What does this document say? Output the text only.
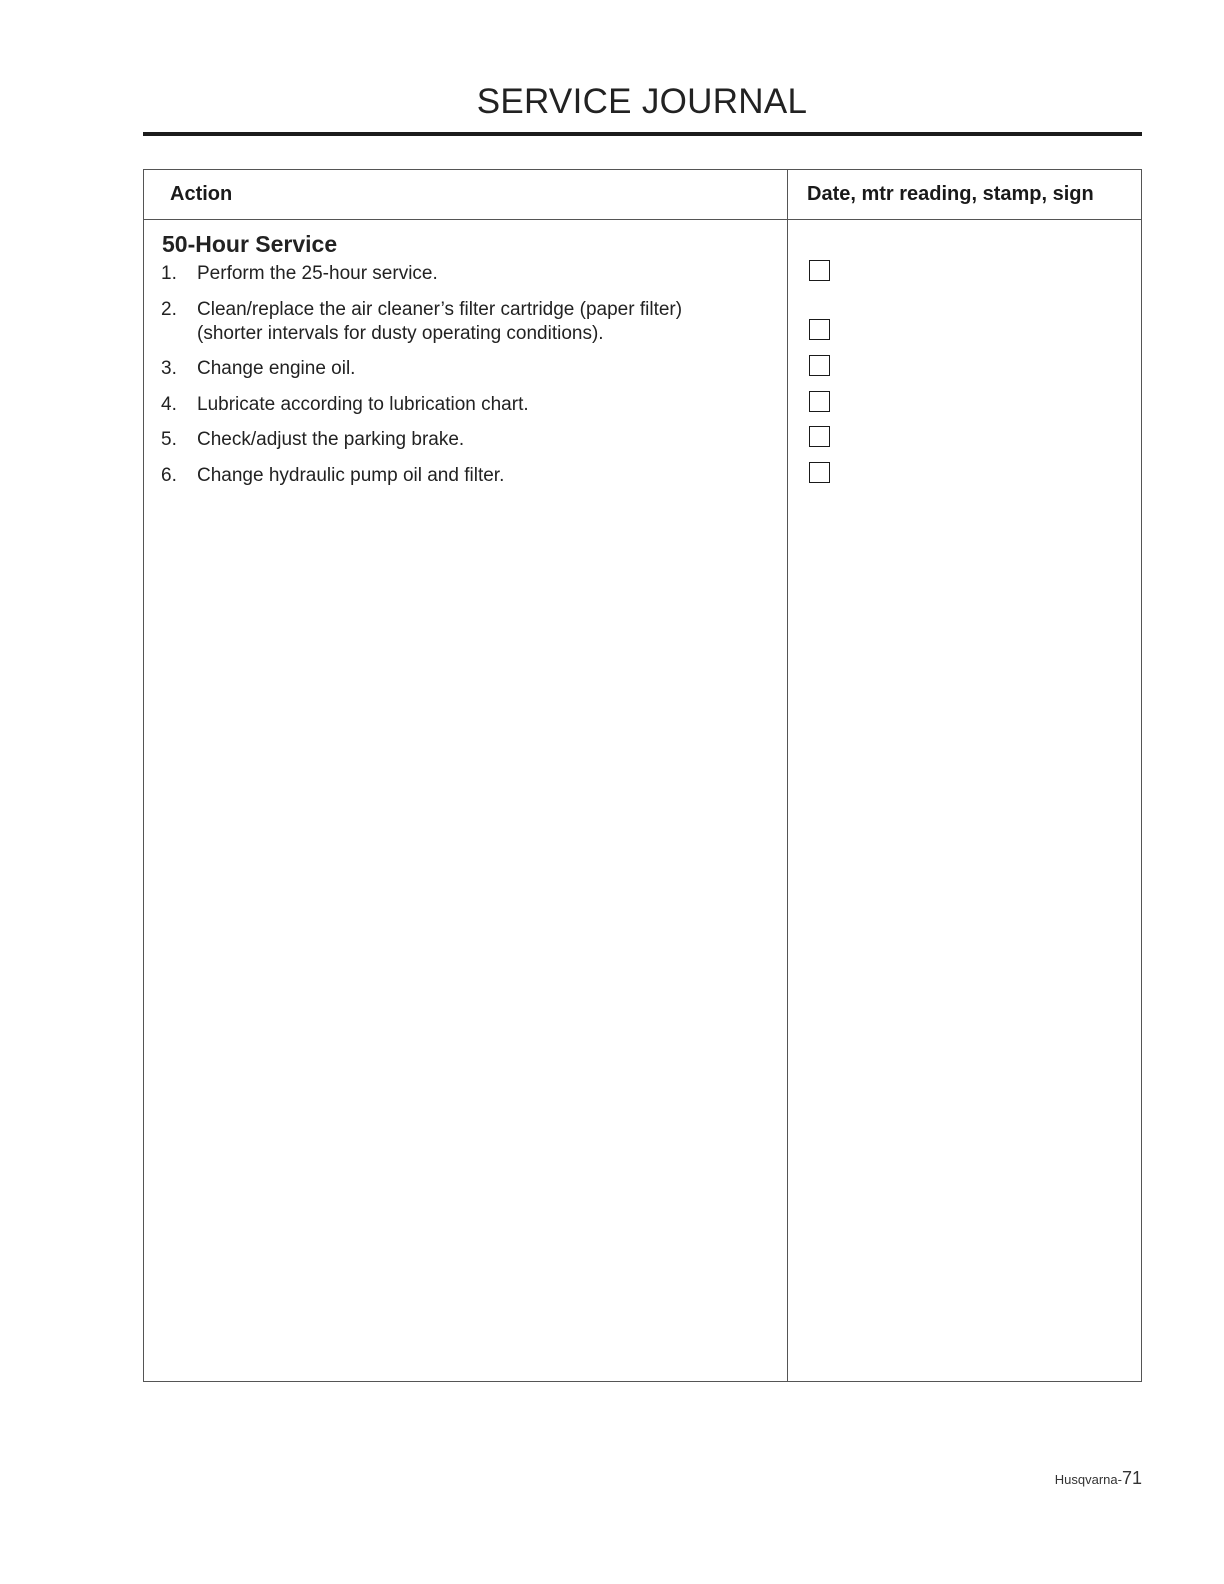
SERVICE JOURNAL
Action	Date, mtr reading, stamp, sign
50-Hour Service
1. Perform the 25-hour service.
2. Clean/replace the air cleaner’s filter cartridge (paper filter)
(shorter intervals for dusty operating conditions).
3. Change engine oil.
4. Lubricate according to lubrication chart.
5. Check/adjust the parking brake.
6. Change hydraulic pump oil and filter.
Husqvarna-71
